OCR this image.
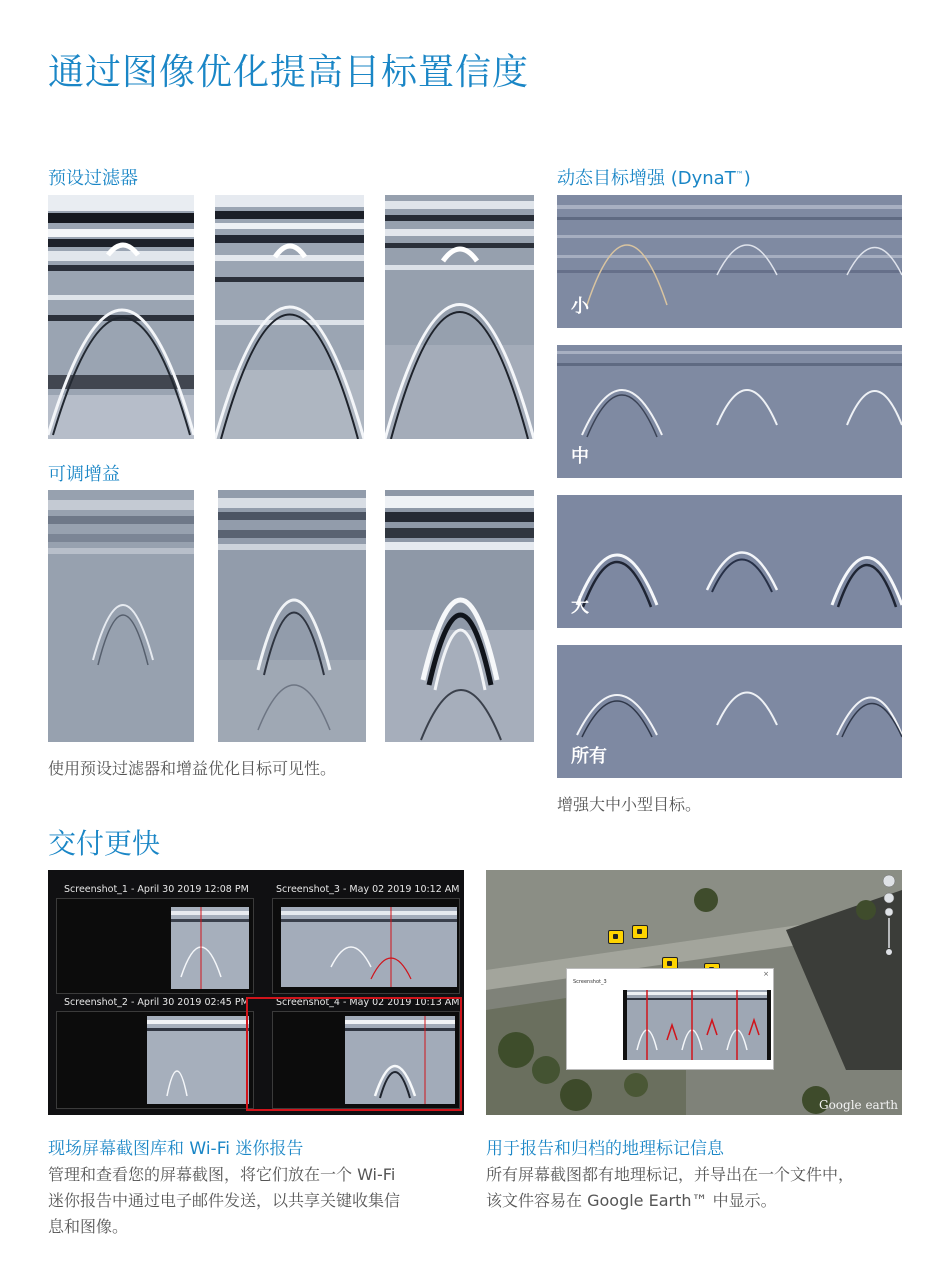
通过图像优化提高目标置信度
预设过滤器
可调增益
使用预设过滤器和增益优化目标可见性。
动态目标增强 (DynaT™)
小
中
大
所有
增强大中小型目标。
交付更快
Screenshot_1 - April 30 2019 12:08 PM	Screenshot_3 - May 02 2019 10:12 AM
Screenshot_2 - April 30 2019 02:45 PM	Screenshot_4 - May 02 2019 10:13 AM
Screenshot_3
×
Google earth
现场屏幕截图库和 Wi-Fi 迷你报告
管理和查看您的屏幕截图，将它们放在一个 Wi-Fi
迷你报告中通过电子邮件发送，以共享关键收集信
息和图像。
用于报告和归档的地理标记信息
所有屏幕截图都有地理标记，并导出在一个文件中，
该文件容易在 Google Earth™ 中显示。
